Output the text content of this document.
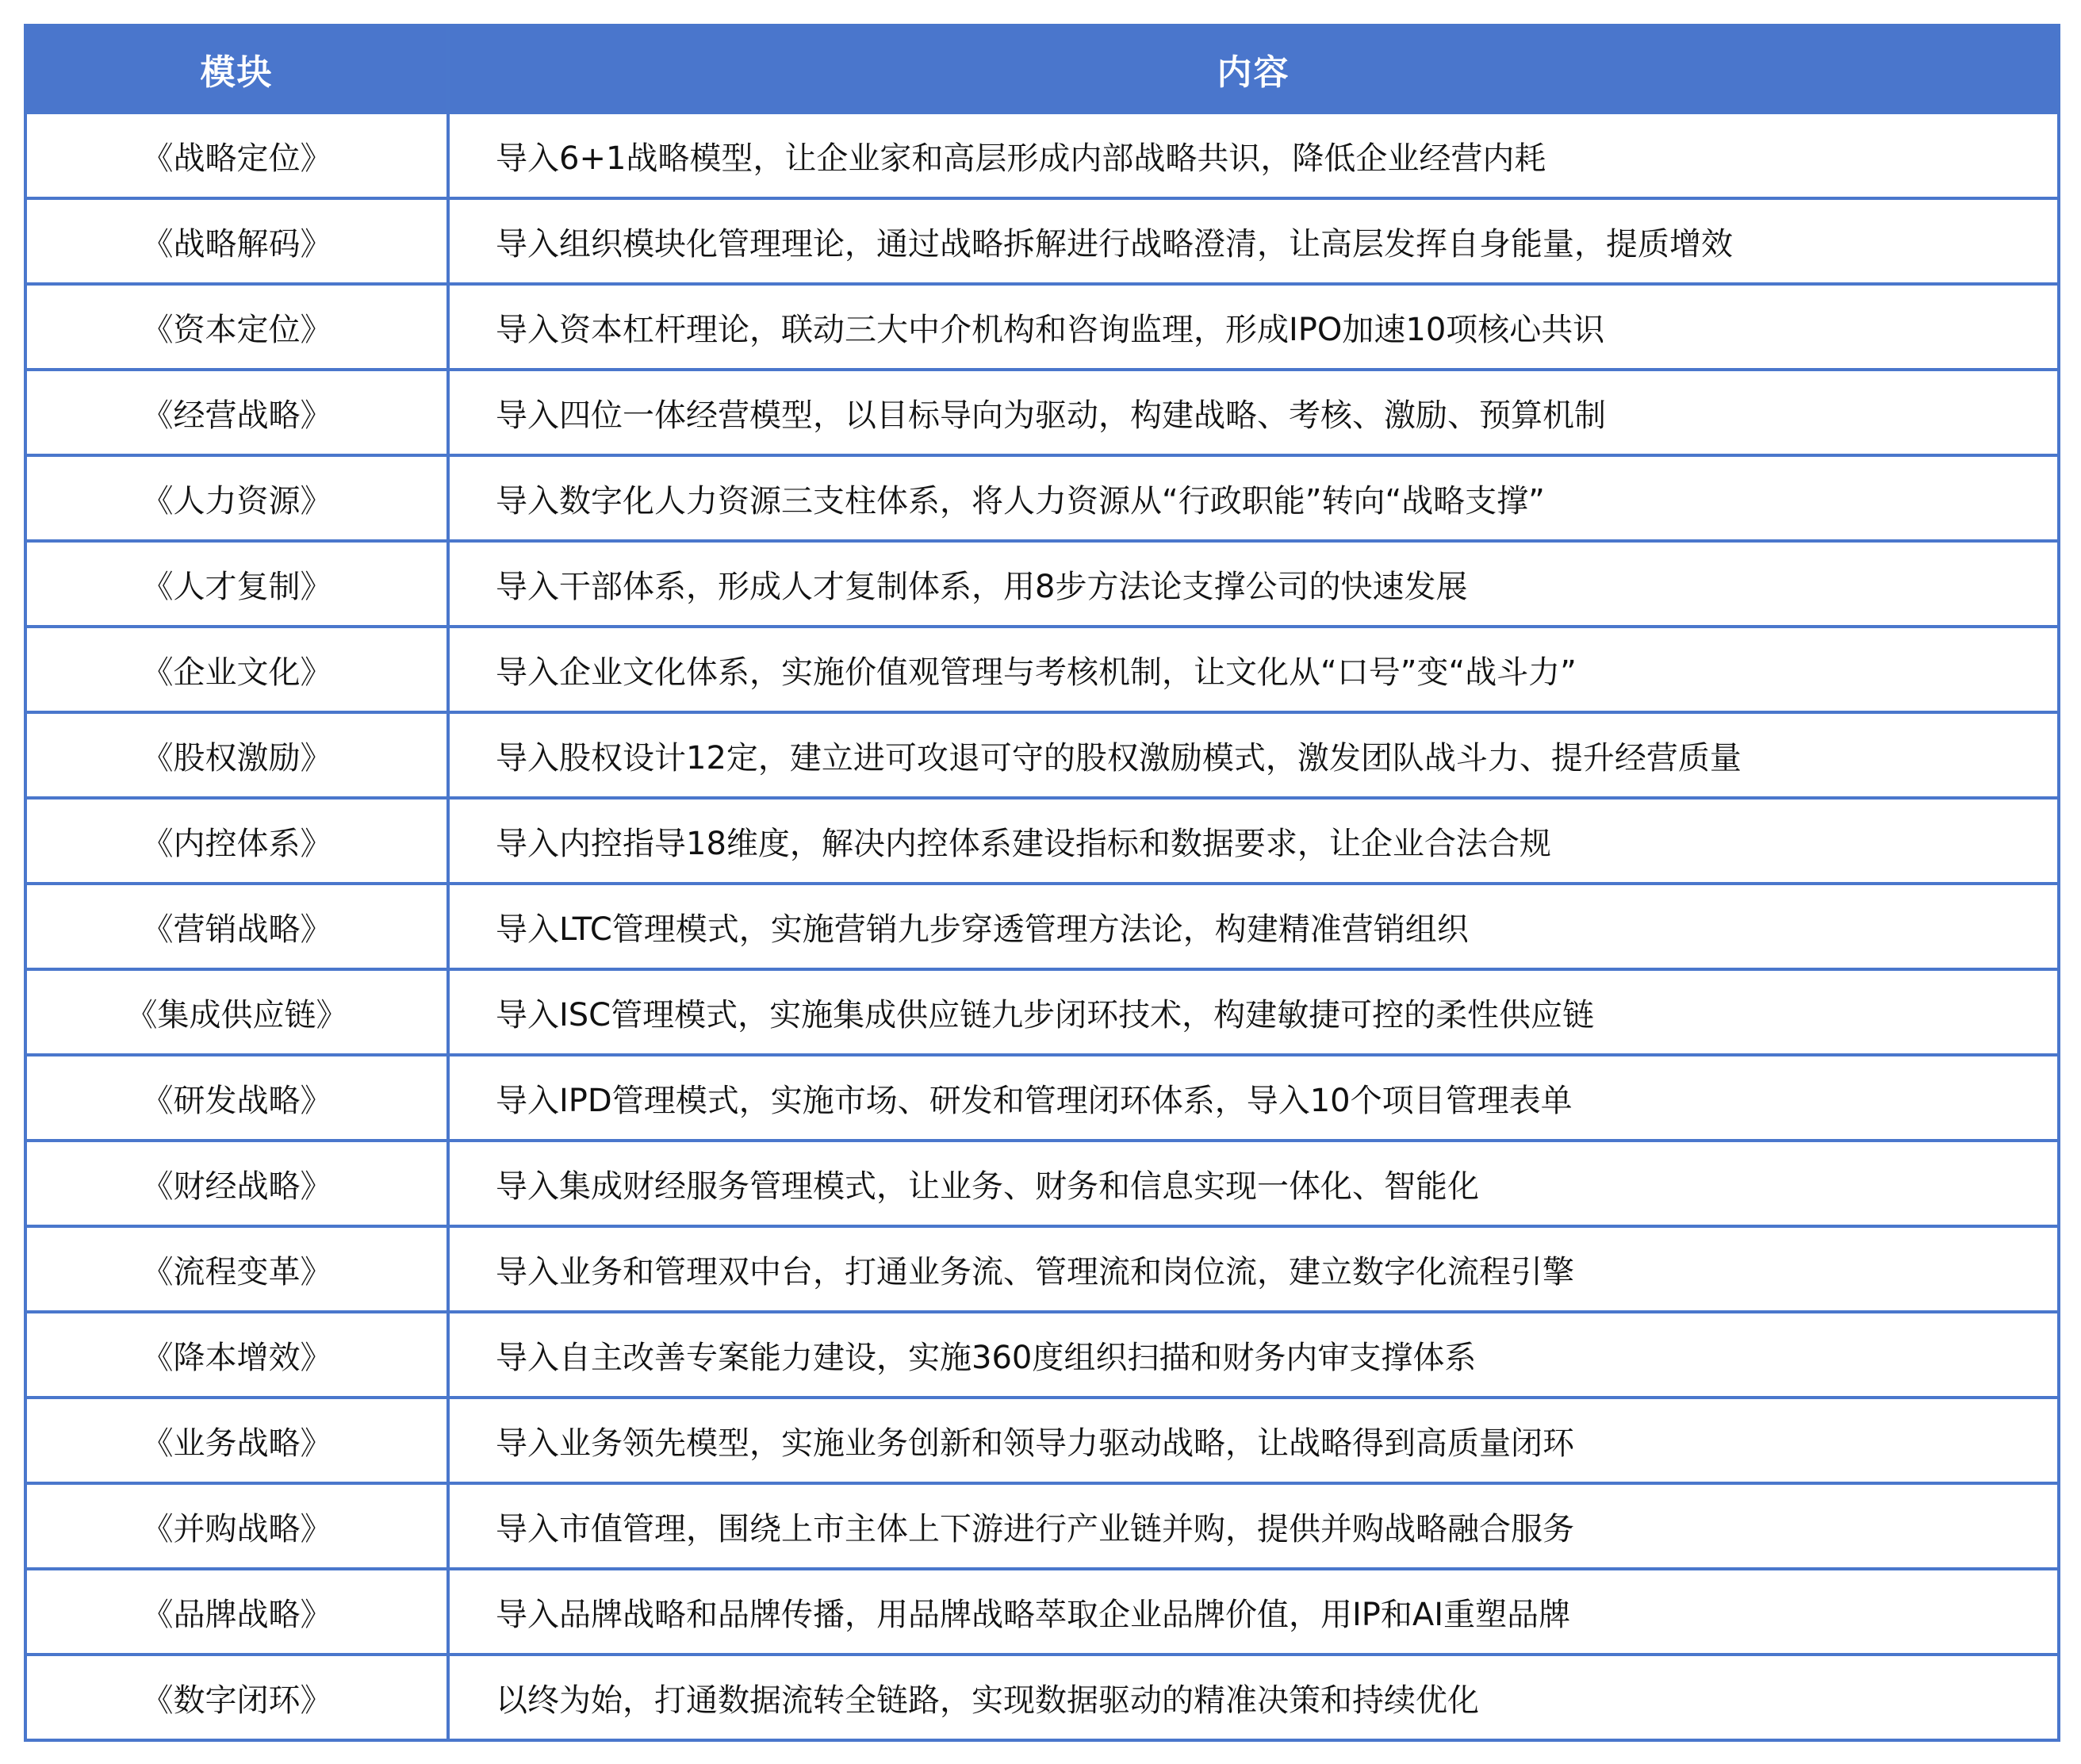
模块	内容
《战略定位》	导入6+1战略模型，让企业家和高层形成内部战略共识，降低企业经营内耗
《战略解码》	导入组织模块化管理理论，通过战略拆解进行战略澄清，让高层发挥自身能量，提质增效
《资本定位》	导入资本杠杆理论，联动三大中介机构和咨询监理，形成IPO加速10项核心共识
《经营战略》	导入四位一体经营模型，以目标导向为驱动，构建战略、考核、激励、预算机制
《人力资源》	导入数字化人力资源三支柱体系，将人力资源从“行政职能”转向“战略支撑”
《人才复制》	导入干部体系，形成人才复制体系，用8步方法论支撑公司的快速发展
《企业文化》	导入企业文化体系，实施价值观管理与考核机制，让文化从“口号”变“战斗力”
《股权激励》	导入股权设计12定，建立进可攻退可守的股权激励模式，激发团队战斗力、提升经营质量
《内控体系》	导入内控指导18维度，解决内控体系建设指标和数据要求，让企业合法合规
《营销战略》	导入LTC管理模式，实施营销九步穿透管理方法论，构建精准营销组织
《集成供应链》	导入ISC管理模式，实施集成供应链九步闭环技术，构建敏捷可控的柔性供应链
《研发战略》	导入IPD管理模式，实施市场、研发和管理闭环体系，导入10个项目管理表单
《财经战略》	导入集成财经服务管理模式，让业务、财务和信息实现一体化、智能化
《流程变革》	导入业务和管理双中台，打通业务流、管理流和岗位流，建立数字化流程引擎
《降本增效》	导入自主改善专案能力建设，实施360度组织扫描和财务内审支撑体系
《业务战略》	导入业务领先模型，实施业务创新和领导力驱动战略，让战略得到高质量闭环
《并购战略》	导入市值管理，围绕上市主体上下游进行产业链并购，提供并购战略融合服务
《品牌战略》	导入品牌战略和品牌传播，用品牌战略萃取企业品牌价值，用IP和AI重塑品牌
《数字闭环》	以终为始，打通数据流转全链路，实现数据驱动的精准决策和持续优化
